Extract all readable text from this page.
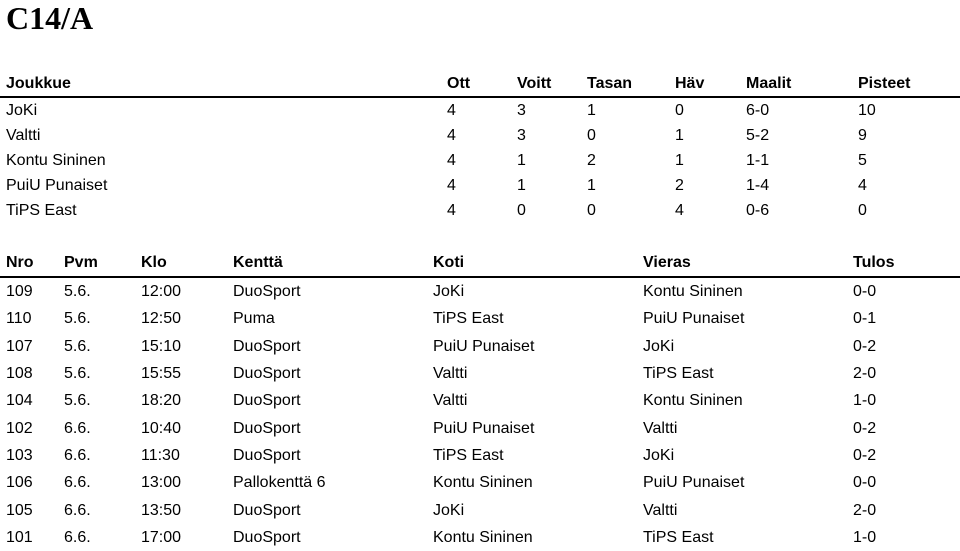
C14/A
Joukkue	Ott	Voitt	Tasan	Häv	Maalit	Pisteet
JoKi	4	3	1	0	6-0	10
Valtti	4	3	0	1	5-2	9
Kontu Sininen	4	1	2	1	1-1	5
PuiU Punaiset	4	1	1	2	1-4	4
TiPS East	4	0	0	4	0-6	0
Nro	Pvm	Klo	Kenttä	Koti	Vieras	Tulos
109	5.6.	12:00	DuoSport	JoKi	Kontu Sininen	0-0
110	5.6.	12:50	Puma	TiPS East	PuiU Punaiset	0-1
107	5.6.	15:10	DuoSport	PuiU Punaiset	JoKi	0-2
108	5.6.	15:55	DuoSport	Valtti	TiPS East	2-0
104	5.6.	18:20	DuoSport	Valtti	Kontu Sininen	1-0
102	6.6.	10:40	DuoSport	PuiU Punaiset	Valtti	0-2
103	6.6.	11:30	DuoSport	TiPS East	JoKi	0-2
106	6.6.	13:00	Pallokenttä 6	Kontu Sininen	PuiU Punaiset	0-0
105	6.6.	13:50	DuoSport	JoKi	Valtti	2-0
101	6.6.	17:00	DuoSport	Kontu Sininen	TiPS East	1-0
